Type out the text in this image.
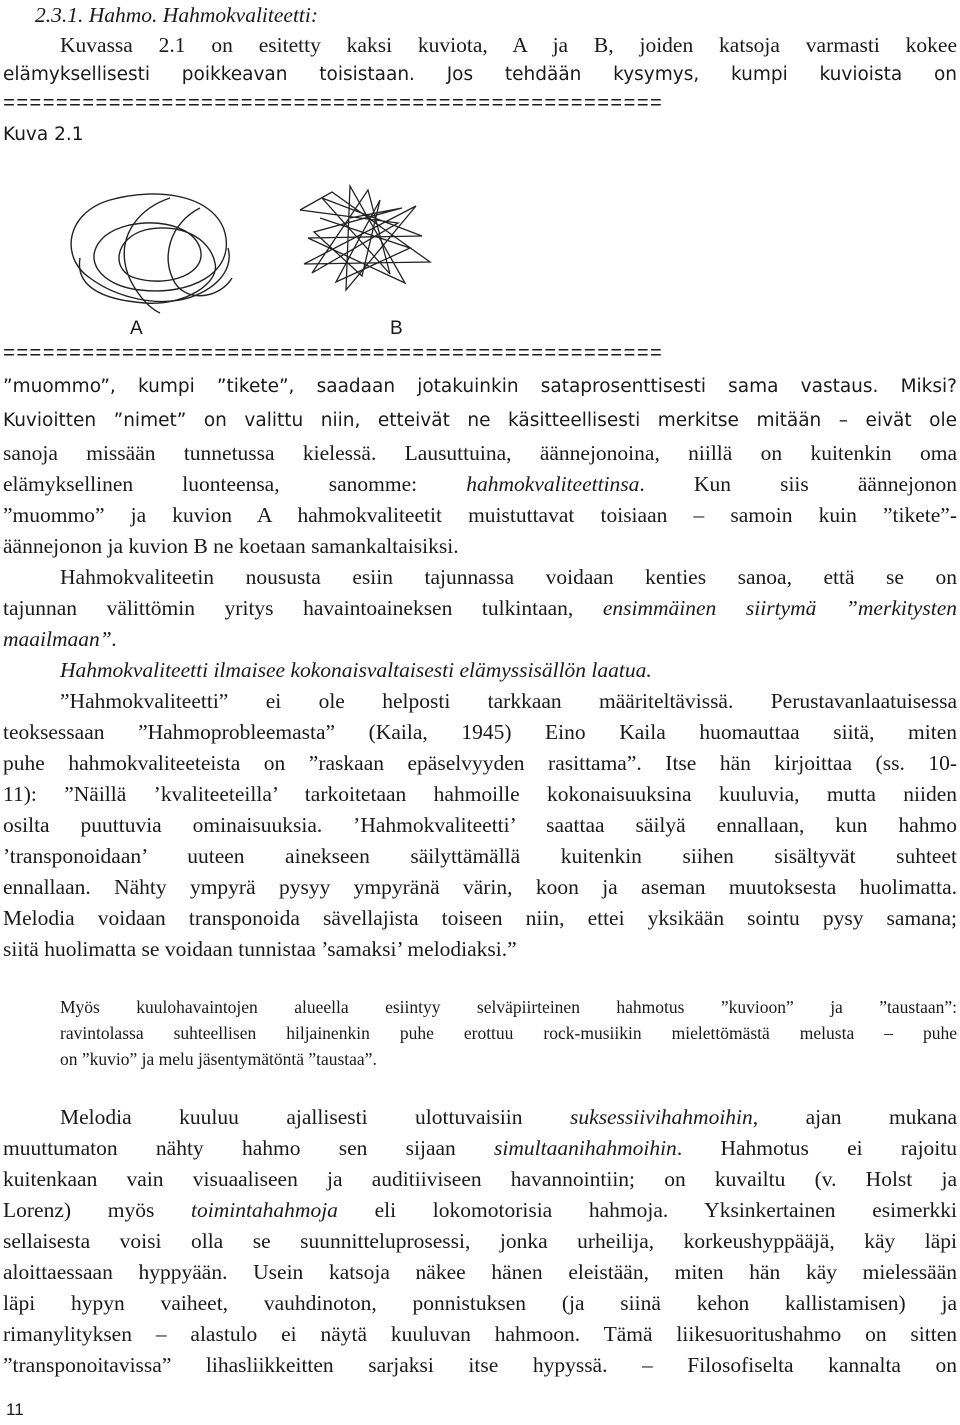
2.3.1. Hahmo. Hahmokvaliteetti:
Kuvassa 2.1 on esitetty kaksi kuviota, A ja B, joiden katsoja varmasti kokee
elämyksellisesti poikkeavan toisistaan. Jos tehdään kysymys, kumpi kuvioista on
==================================================
Kuva 2.1
A	B
==================================================
”muommo”, kumpi ”tikete”, saadaan jotakuinkin sataprosenttisesti sama vastaus. Miksi?
Kuvioitten ”nimet” on valittu niin, etteivät ne käsitteellisesti merkitse mitään – eivät ole
sanoja missään tunnetussa kielessä. Lausuttuina, äännejonoina, niillä on kuitenkin oma
elämyksellinen luonteensa, sanomme: hahmokvaliteettinsa. Kun siis äännejonon
”muommo” ja kuvion A hahmokvaliteetit muistuttavat toisiaan – samoin kuin ”tikete”-
äännejonon ja kuvion B ne koetaan samankaltaisiksi.
Hahmokvaliteetin noususta esiin tajunnassa voidaan kenties sanoa, että se on
tajunnan välittömin yritys havaintoaineksen tulkintaan, ensimmäinen siirtymä ”merkitysten
maailmaan”.
Hahmokvaliteetti ilmaisee kokonaisvaltaisesti elämyssisällön laatua.
”Hahmokvaliteetti” ei ole helposti tarkkaan määriteltävissä. Perustavanlaatuisessa
teoksessaan ”Hahmoprobleemasta” (Kaila, 1945) Eino Kaila huomauttaa siitä, miten
puhe hahmokvaliteeteista on ”raskaan epäselvyyden rasittama”. Itse hän kirjoittaa (ss. 10-
11): ”Näillä ’kvaliteeteilla’ tarkoitetaan hahmoille kokonaisuuksina kuuluvia, mutta niiden
osilta puuttuvia ominaisuuksia. ’Hahmokvaliteetti’ saattaa säilyä ennallaan, kun hahmo
’transponoidaan’ uuteen ainekseen säilyttämällä kuitenkin siihen sisältyvät suhteet
ennallaan. Nähty ympyrä pysyy ympyränä värin, koon ja aseman muutoksesta huolimatta.
Melodia voidaan transponoida sävellajista toiseen niin, ettei yksikään sointu pysy samana;
siitä huolimatta se voidaan tunnistaa ’samaksi’ melodiaksi.”
Myös kuulohavaintojen alueella esiintyy selväpiirteinen hahmotus ”kuvioon” ja ”taustaan”:
ravintolassa suhteellisen hiljainenkin puhe erottuu rock-musiikin mielettömästä melusta – puhe
on ”kuvio” ja melu jäsentymätöntä ”taustaa”.
Melodia kuuluu ajallisesti ulottuvaisiin suksessiivihahmoihin, ajan mukana
muuttumaton nähty hahmo sen sijaan simultaanihahmoihin. Hahmotus ei rajoitu
kuitenkaan vain visuaaliseen ja auditiiviseen havannointiin; on kuvailtu (v. Holst ja
Lorenz) myös toimintahahmoja eli lokomotorisia hahmoja. Yksinkertainen esimerkki
sellaisesta voisi olla se suunnitteluprosessi, jonka urheilija, korkeushyppääjä, käy läpi
aloittaessaan hyppyään. Usein katsoja näkee hänen eleistään, miten hän käy mielessään
läpi hypyn vaiheet, vauhdinoton, ponnistuksen (ja siinä kehon kallistamisen) ja
rimanylityksen – alastulo ei näytä kuuluvan hahmoon. Tämä liikesuoritushahmo on sitten
”transponoitavissa” lihasliikkeitten sarjaksi itse hypyssä. – Filosofiselta kannalta on
11
